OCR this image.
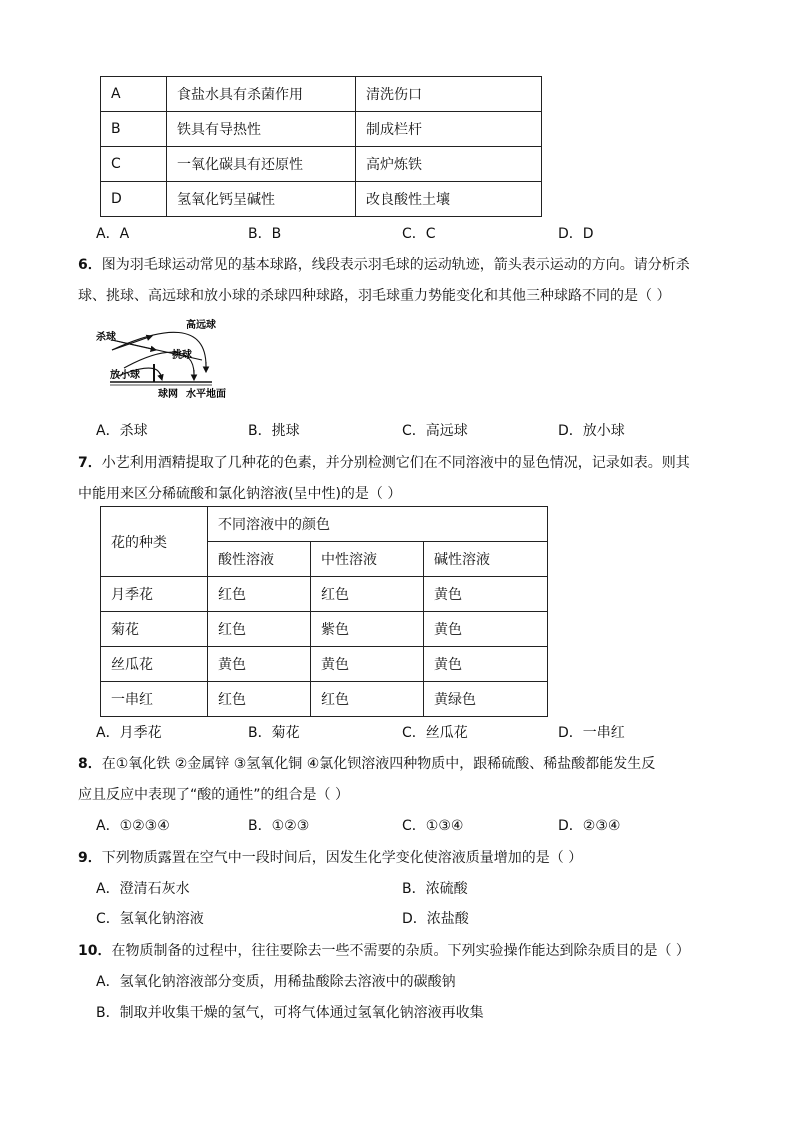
A	食盐水具有杀菌作用	清洗伤口
B	铁具有导热性	制成栏杆
C	一氧化碳具有还原性	高炉炼铁
D	氢氧化钙呈碱性	改良酸性土壤
A．A	B．B	C．C	D．D
6．图为羽毛球运动常见的基本球路，线段表示羽毛球的运动轨迹，箭头表示运动的方向。请分析杀
球、挑球、高远球和放小球的杀球四种球路，羽毛球重力势能变化和其他三种球路不同的是（ ）
杀球
高远球
挑球
放小球
球网 水平地面
A．杀球	B．挑球	C．高远球	D．放小球
7．小艺利用酒精提取了几种花的色素，并分别检测它们在不同溶液中的显色情况，记录如表。则其
中能用来区分稀硫酸和氯化钠溶液(呈中性)的是（ ）
花的种类	不同溶液中的颜色		
	酸性溶液	中性溶液	碱性溶液
月季花	红色	红色	黄色
菊花	红色	紫色	黄色
丝瓜花	黄色	黄色	黄色
一串红	红色	红色	黄绿色
A．月季花	B．菊花	C．丝瓜花	D．一串红
8．在①氧化铁 ②金属锌 ③氢氧化铜 ④氯化钡溶液四种物质中，跟稀硫酸、稀盐酸都能发生反
应且反应中表现了“酸的通性”的组合是（ ）
A．①②③④	B．①②③	C．①③④	D．②③④
9．下列物质露置在空气中一段时间后，因发生化学变化使溶液质量增加的是（ ）
A．澄清石灰水	B．浓硫酸
C．氢氧化钠溶液	D．浓盐酸
10．在物质制备的过程中，往往要除去一些不需要的杂质。下列实验操作能达到除杂质目的是（ ）
A．氢氧化钠溶液部分变质，用稀盐酸除去溶液中的碳酸钠
B．制取并收集干燥的氢气，可将气体通过氢氧化钠溶液再收集
